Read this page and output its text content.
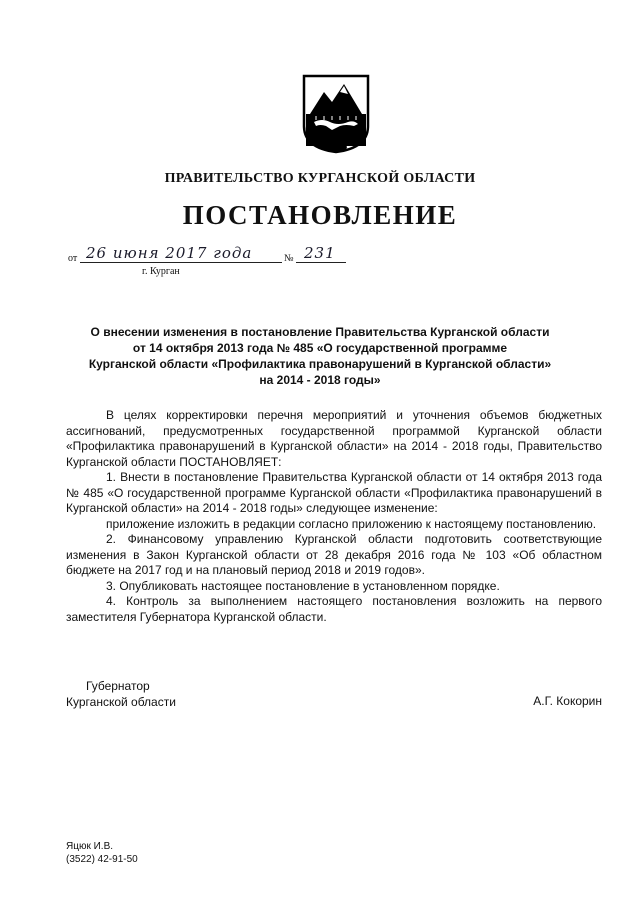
ПРАВИТЕЛЬСТВО КУРГАНСКОЙ ОБЛАСТИ
ПОСТАНОВЛЕНИЕ
от 26 июня 2017 года	№ 231
г. Курган
О внесении изменения в постановление Правительства Курганской области
от 14 октября 2013 года № 485 «О государственной программе
Курганской области «Профилактика правонарушений в Курганской области»
на 2014 - 2018 годы»

В целях корректировки перечня мероприятий и уточнения объемов бюджетных ассигнований, предусмотренных государственной программой Курганской области «Профилактика правонарушений в Курганской области» на 2014 - 2018 годы, Правительство Курганской области ПОСТАНОВЛЯЕТ:

1. Внести в постановление Правительства Курганской области от 14 октября 2013 года № 485 «О государственной программе Курганской области «Профилактика правонарушений в Курганской области» на 2014 - 2018 годы» следующее изменение:

приложение изложить в редакции согласно приложению к настоящему постановлению.

2. Финансовому управлению Курганской области подготовить соответствующие изменения в Закон Курганской области от 28 декабря 2016 года № 103 «Об областном бюджете на 2017 год и на плановый период 2018 и 2019 годов».

3. Опубликовать настоящее постановление в установленном порядке.

4. Контроль за выполнением настоящего постановления возложить на первого заместителя Губернатора Курганской области.

Губернатор
Курганской области	А.Г. Кокорин
Яцюк И.В.
(3522) 42-91-50
